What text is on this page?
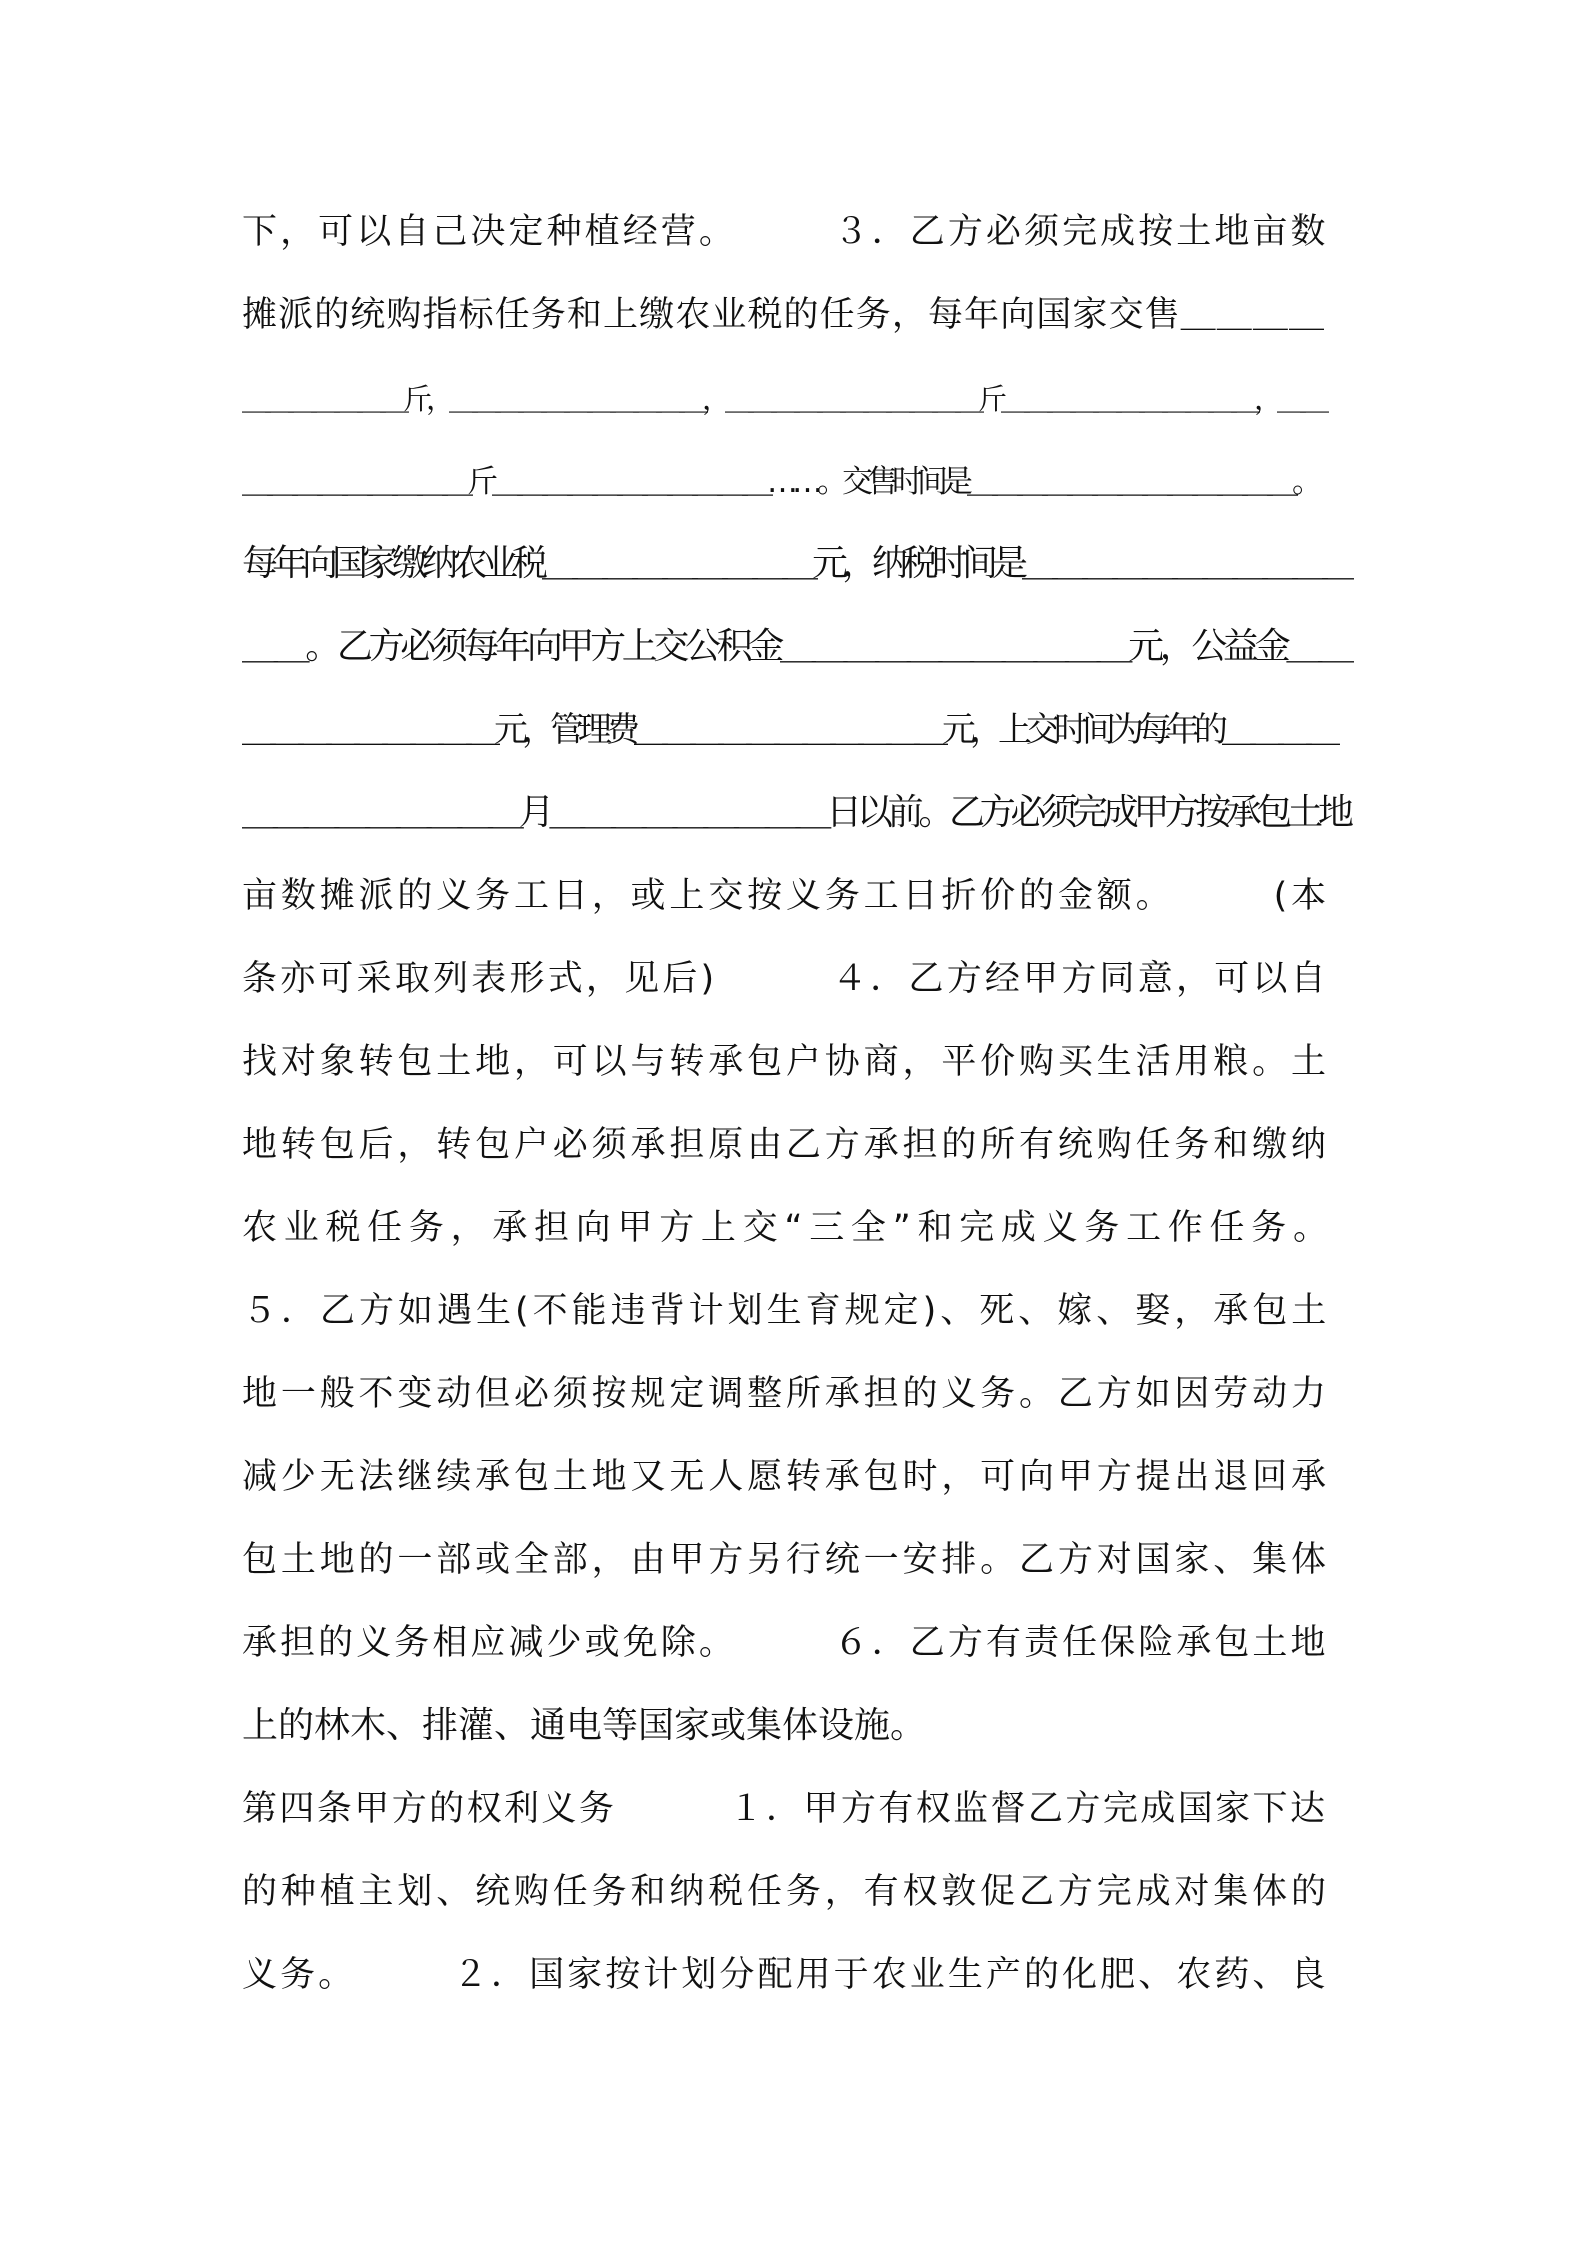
下，可以自己决定种植经营。　　　３．乙方必须完成按土地亩数
摊派的统购指标任务和上缴农业税的任务，每年向国家交售＿＿＿＿
＿＿＿＿＿＿＿斤，＿＿＿＿＿＿＿＿＿＿＿，＿＿＿＿＿＿＿＿＿＿＿斤＿＿＿＿＿＿＿＿＿＿＿，＿＿
＿＿＿＿＿＿＿＿＿斤＿＿＿＿＿＿＿＿＿＿＿……。交售时间是＿＿＿＿＿＿＿＿＿＿＿＿＿。
每年向国家缴纳农业税＿＿＿＿＿＿＿＿＿元，纳税时间是＿＿＿＿＿＿＿＿＿＿＿
＿＿。乙方必须每年向甲方上交公积金＿＿＿＿＿＿＿＿＿＿＿元，公益金＿＿
＿＿＿＿＿＿＿＿＿元，管理费＿＿＿＿＿＿＿＿＿＿＿元，上交时间为每年的＿＿＿＿
＿＿＿＿＿＿＿＿＿月＿＿＿＿＿＿＿＿＿日以前。乙方必须完成甲方按承包土地
亩数摊派的义务工日，或上交按义务工日折价的金额。　　　(本
条亦可采取列表形式，见后)　　　４．乙方经甲方同意，可以自
找对象转包土地，可以与转承包户协商，平价购买生活用粮。土
地转包后，转包户必须承担原由乙方承担的所有统购任务和缴纳
农业税任务，承担向甲方上交“三全”和完成义务工作任务。
５．乙方如遇生(不能违背计划生育规定)、死、嫁、娶，承包土
地一般不变动但必须按规定调整所承担的义务。乙方如因劳动力
减少无法继续承包土地又无人愿转承包时，可向甲方提出退回承
包土地的一部或全部，由甲方另行统一安排。乙方对国家、集体
承担的义务相应减少或免除。　　　６．乙方有责任保险承包土地
上的林木、排灌、通电等国家或集体设施。
第四条甲方的权利义务　　　１．甲方有权监督乙方完成国家下达
的种植主划、统购任务和纳税任务，有权敦促乙方完成对集体的
义务。　　　２．国家按计划分配用于农业生产的化肥、农药、良
